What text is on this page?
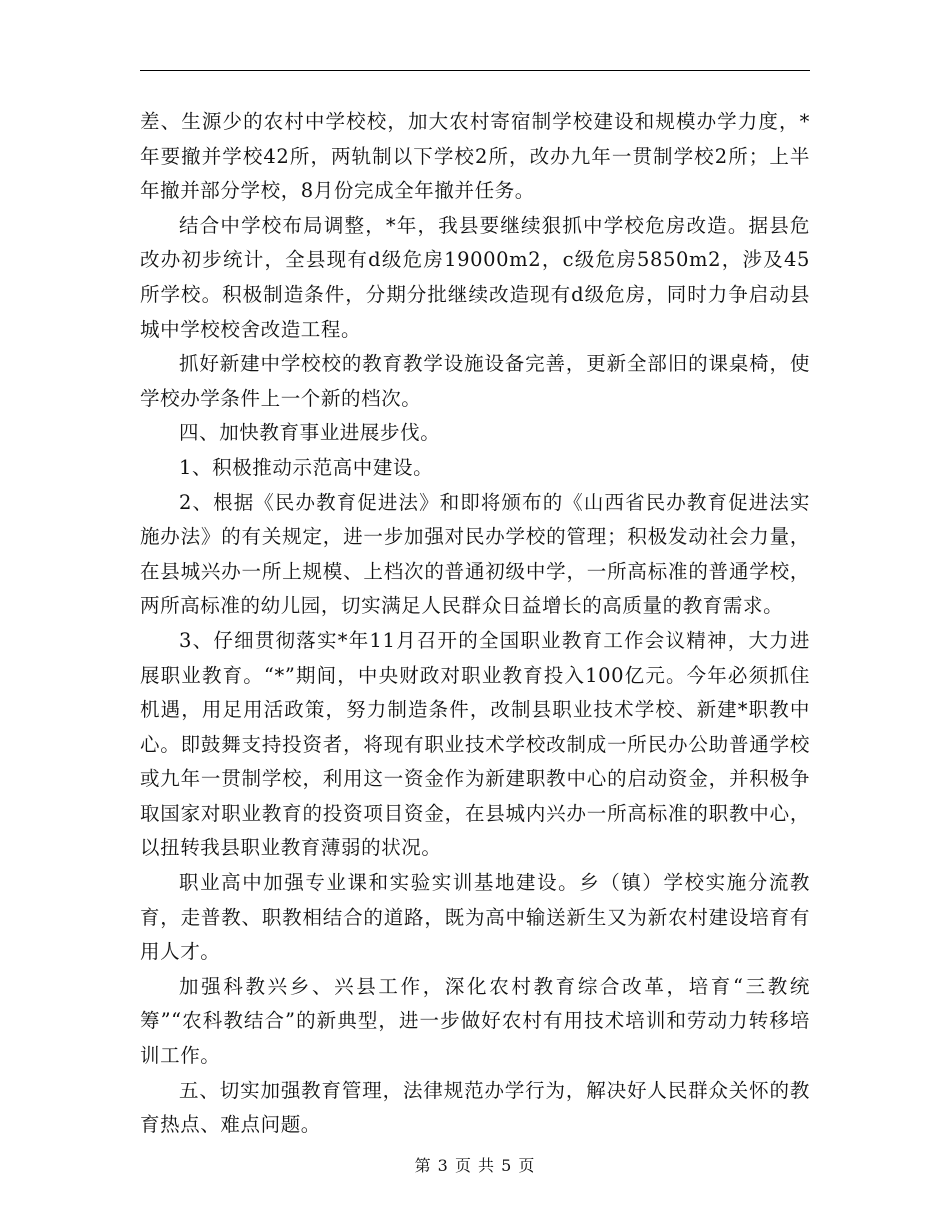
差、生源少的农村中学校校，加大农村寄宿制学校建设和规模办学力度，*年要撤并学校42所，两轨制以下学校2所，改办九年一贯制学校2所；上半年撤并部分学校，8月份完成全年撤并任务。

结合中学校布局调整，*年，我县要继续狠抓中学校危房改造。据县危改办初步统计，全县现有d级危房19000m2，c级危房5850m2，涉及45所学校。积极制造条件，分期分批继续改造现有d级危房，同时力争启动县城中学校校舍改造工程。

抓好新建中学校校的教育教学设施设备完善，更新全部旧的课桌椅，使学校办学条件上一个新的档次。

四、加快教育事业进展步伐。

1、积极推动示范高中建设。

2、根据《民办教育促进法》和即将颁布的《山西省民办教育促进法实施办法》的有关规定，进一步加强对民办学校的管理；积极发动社会力量，在县城兴办一所上规模、上档次的普通初级中学，一所高标准的普通学校，两所高标准的幼儿园，切实满足人民群众日益增长的高质量的教育需求。

3、仔细贯彻落实*年11月召开的全国职业教育工作会议精神，大力进展职业教育。“*”期间，中央财政对职业教育投入100亿元。今年必须抓住机遇，用足用活政策，努力制造条件，改制县职业技术学校、新建*职教中心。即鼓舞支持投资者，将现有职业技术学校改制成一所民办公助普通学校或九年一贯制学校，利用这一资金作为新建职教中心的启动资金，并积极争取国家对职业教育的投资项目资金，在县城内兴办一所高标准的职教中心，以扭转我县职业教育薄弱的状况。

职业高中加强专业课和实验实训基地建设。乡（镇）学校实施分流教育，走普教、职教相结合的道路，既为高中输送新生又为新农村建设培育有用人才。

加强科教兴乡、兴县工作，深化农村教育综合改革，培育“三教统筹”“农科教结合”的新典型，进一步做好农村有用技术培训和劳动力转移培训工作。

五、切实加强教育管理，法律规范办学行为，解决好人民群众关怀的教育热点、难点问题。

第 3 页 共 5 页
